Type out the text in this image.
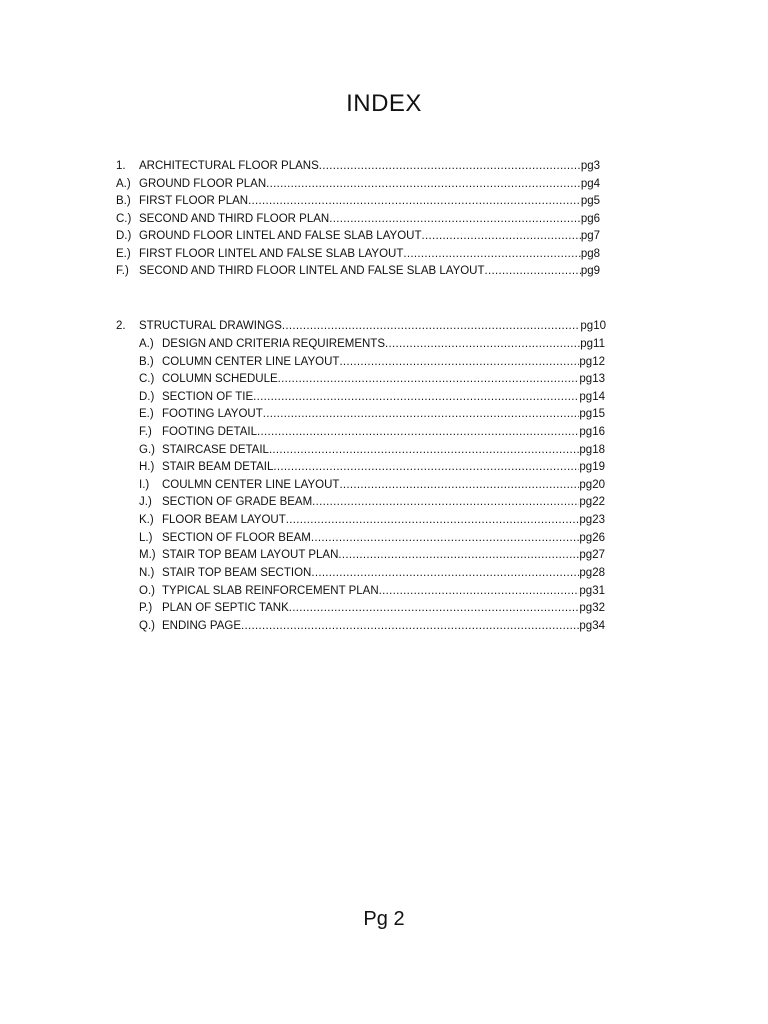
INDEX
1.	ARCHITECTURAL FLOOR PLANS .....	pg3
A.) GROUND FLOOR PLAN .....	pg4
B.) FIRST FLOOR PLAN .....	pg5
C.) SECOND AND THIRD FLOOR PLAN .....	pg6
D.) GROUND FLOOR LINTEL AND FALSE SLAB LAYOUT .....	pg7
E.) FIRST FLOOR LINTEL AND FALSE SLAB LAYOUT .....	pg8
F.) SECOND AND THIRD FLOOR LINTEL AND FALSE SLAB LAYOUT .....	pg9
2.	STRUCTURAL DRAWINGS .....	pg10
A.) DESIGN AND CRITERIA REQUIREMENTS .....	pg11
B.) COLUMN CENTER LINE LAYOUT .....	pg12
C.) COLUMN SCHEDULE .....	pg13
D.) SECTION OF TIE .....	pg14
E.) FOOTING LAYOUT .....	pg15
F.) FOOTING DETAIL .....	pg16
G.) STAIRCASE DETAIL .....	pg18
H.) STAIR BEAM DETAIL .....	pg19
I.)	COULMN CENTER LINE LAYOUT .....	pg20
J.) SECTION OF GRADE BEAM .....	pg22
K.) FLOOR BEAM LAYOUT .....	pg23
L.) SECTION OF FLOOR BEAM .....	pg26
M.) STAIR TOP BEAM LAYOUT PLAN .....	pg27
N.) STAIR TOP BEAM SECTION .....	pg28
O.) TYPICAL SLAB REINFORCEMENT PLAN .....	pg31
P.) PLAN OF SEPTIC TANK .....	pg32
Q.) ENDING PAGE .....	pg34
Pg 2
